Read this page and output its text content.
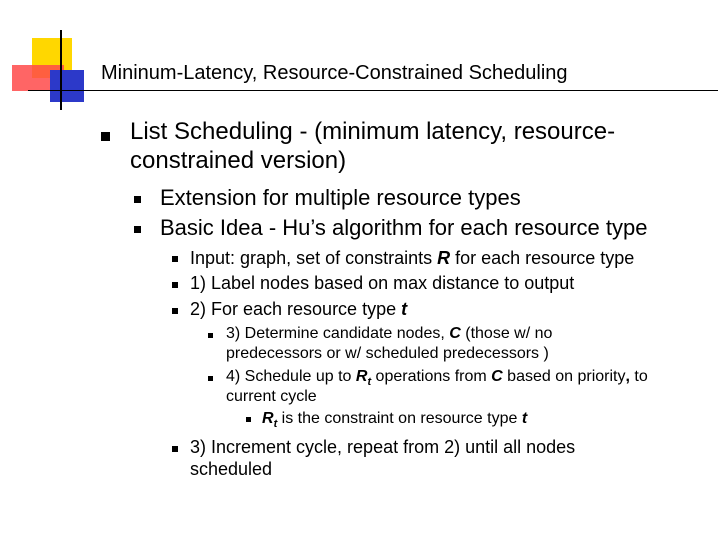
Mininum-Latency, Resource-Constrained Scheduling
List Scheduling - (minimum latency, resource-
constrained version)
Extension for multiple resource types
Basic Idea - Hu’s algorithm for each resource type
Input: graph, set of constraints R for each resource type
1) Label nodes based on max distance to output
2) For each resource type t
3) Determine candidate nodes, C (those w/ no
predecessors or w/ scheduled predecessors )
4) Schedule up to $R_t$ operations from C based on priority, to
current cycle
$R_t$ is the constraint on resource type t
3) Increment cycle, repeat from 2) until all nodes
scheduled
